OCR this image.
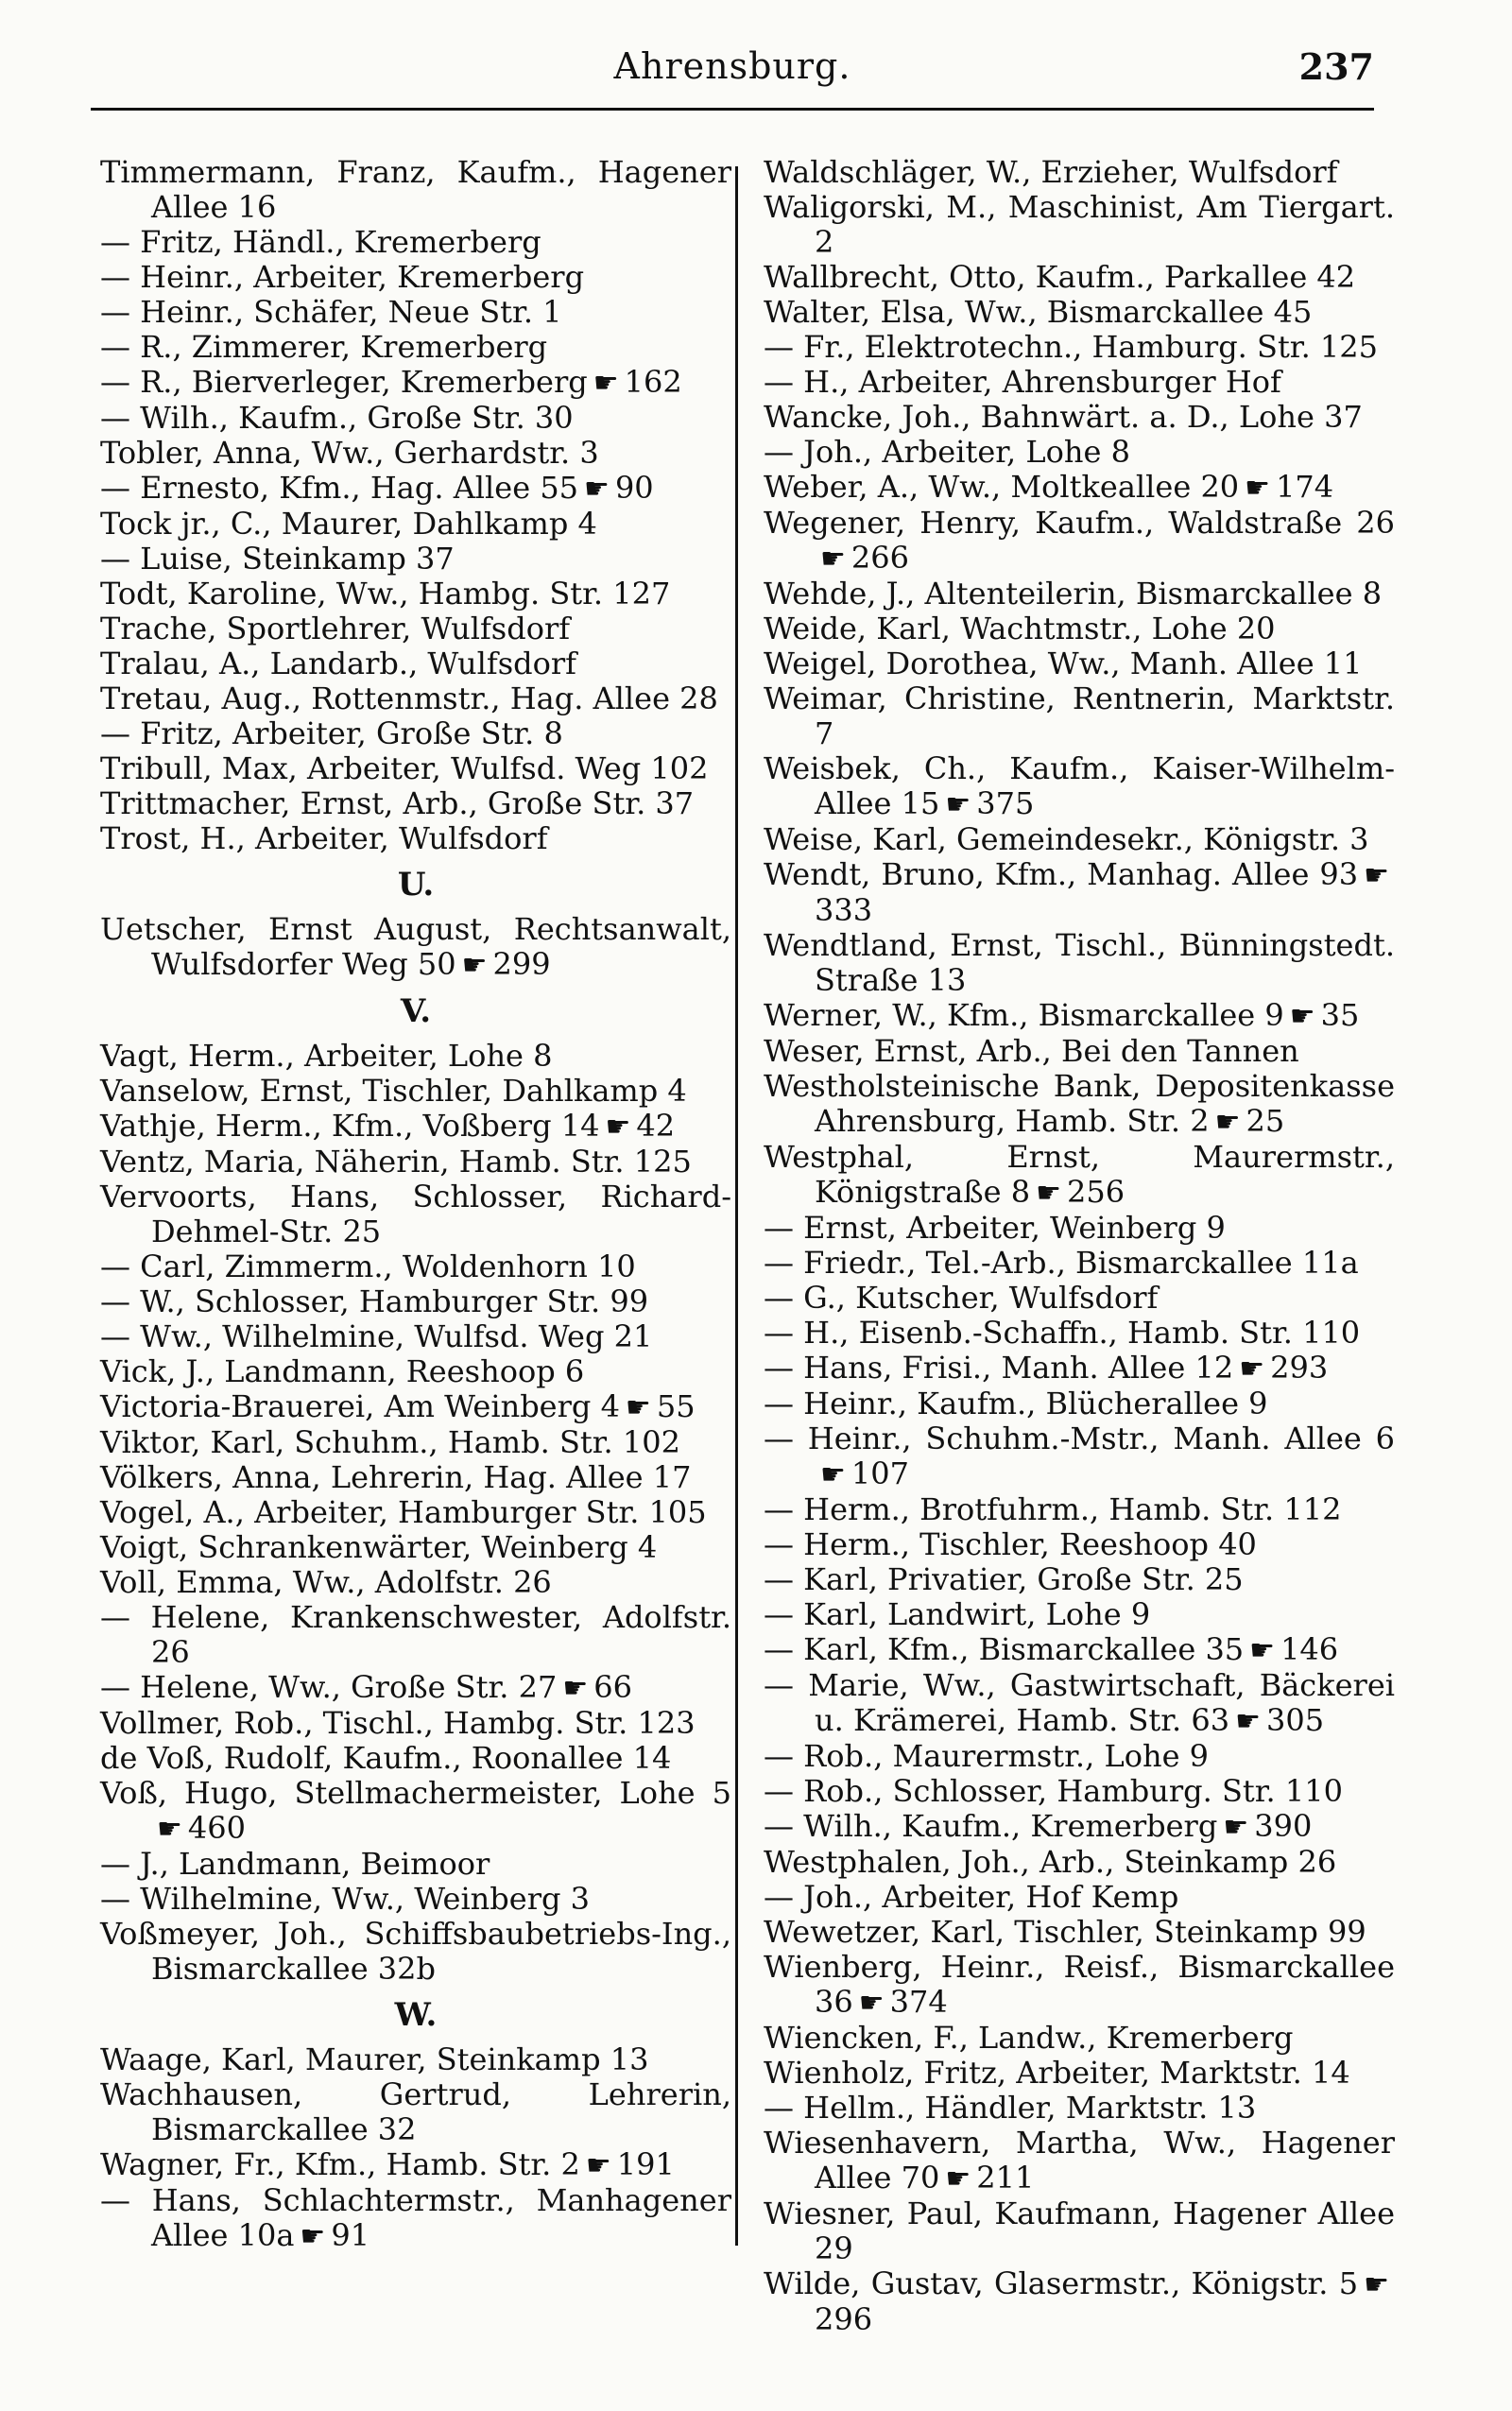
Ahrensburg.	237
Timmermann, Franz, Kaufm., Hagener Allee 16
— Fritz, Händl., Kremerberg
— Heinr., Arbeiter, Kremerberg
— Heinr., Schäfer, Neue Str. 1
— R., Zimmerer, Kremerberg
— R., Bierverleger, Kremerberg ☛ 162
— Wilh., Kaufm., Große Str. 30
Tobler, Anna, Ww., Gerhardstr. 3
— Ernesto, Kfm., Hag. Allee 55 ☛ 90
Tock jr., C., Maurer, Dahlkamp 4
— Luise, Steinkamp 37
Todt, Karoline, Ww., Hambg. Str. 127
Trache, Sportlehrer, Wulfsdorf
Tralau, A., Landarb., Wulfsdorf
Tretau, Aug., Rottenmstr., Hag. Allee 28
— Fritz, Arbeiter, Große Str. 8
Tribull, Max, Arbeiter, Wulfsd. Weg 102
Trittmacher, Ernst, Arb., Große Str. 37
Trost, H., Arbeiter, Wulfsdorf
U.
Uetscher, Ernst August, Rechtsanwalt, Wulfsdorfer Weg 50 ☛ 299
V.
Vagt, Herm., Arbeiter, Lohe 8
Vanselow, Ernst, Tischler, Dahlkamp 4
Vathje, Herm., Kfm., Voßberg 14 ☛ 42
Ventz, Maria, Näherin, Hamb. Str. 125
Vervoorts, Hans, Schlosser, Richard-Dehmel-Str. 25
— Carl, Zimmerm., Woldenhorn 10
— W., Schlosser, Hamburger Str. 99
— Ww., Wilhelmine, Wulfsd. Weg 21
Vick, J., Landmann, Reeshoop 6
Victoria-Brauerei, Am Weinberg 4 ☛ 55
Viktor, Karl, Schuhm., Hamb. Str. 102
Völkers, Anna, Lehrerin, Hag. Allee 17
Vogel, A., Arbeiter, Hamburger Str. 105
Voigt, Schrankenwärter, Weinberg 4
Voll, Emma, Ww., Adolfstr. 26
— Helene, Krankenschwester, Adolfstr. 26
— Helene, Ww., Große Str. 27 ☛ 66
Vollmer, Rob., Tischl., Hambg. Str. 123
de Voß, Rudolf, Kaufm., Roonallee 14
Voß, Hugo, Stellmachermeister, Lohe 5☛ 460
— J., Landmann, Beimoor
— Wilhelmine, Ww., Weinberg 3
Voßmeyer, Joh., Schiffsbaubetriebs-Ing., Bismarckallee 32b
W.
Waage, Karl, Maurer, Steinkamp 13
Wachhausen, Gertrud, Lehrerin, Bismarckallee 32
Wagner, Fr., Kfm., Hamb. Str. 2 ☛ 191
— Hans, Schlachtermstr., Manhagener Allee 10a ☛ 91
Waldschläger, W., Erzieher, Wulfsdorf
Waligorski, M., Maschinist, Am Tiergart. 2
Wallbrecht, Otto, Kaufm., Parkallee 42
Walter, Elsa, Ww., Bismarckallee 45
— Fr., Elektrotechn., Hamburg. Str. 125
— H., Arbeiter, Ahrensburger Hof
Wancke, Joh., Bahnwärt. a. D., Lohe 37
— Joh., Arbeiter, Lohe 8
Weber, A., Ww., Moltkeallee 20 ☛ 174
Wegener, Henry, Kaufm., Waldstraße 26☛ 266
Wehde, J., Altenteilerin, Bismarckallee 8
Weide, Karl, Wachtmstr., Lohe 20
Weigel, Dorothea, Ww., Manh. Allee 11
Weimar, Christine, Rentnerin, Marktstr. 7
Weisbek, Ch., Kaufm., Kaiser-Wilhelm-Allee 15 ☛ 375
Weise, Karl, Gemeindesekr., Königstr. 3
Wendt, Bruno, Kfm., Manhag. Allee 93 ☛333
Wendtland, Ernst, Tischl., Bünningstedt. Straße 13
Werner, W., Kfm., Bismarckallee 9 ☛ 35
Weser, Ernst, Arb., Bei den Tannen
Westholsteinische Bank, Depositenkasse Ahrensburg, Hamb. Str. 2 ☛ 25
Westphal, Ernst, Maurermstr., Königstraße 8 ☛ 256
— Ernst, Arbeiter, Weinberg 9
— Friedr., Tel.-Arb., Bismarckallee 11a
— G., Kutscher, Wulfsdorf
— H., Eisenb.-Schaffn., Hamb. Str. 110
— Hans, Frisi., Manh. Allee 12 ☛ 293
— Heinr., Kaufm., Blücherallee 9
— Heinr., Schuhm.-Mstr., Manh. Allee 6☛ 107
— Herm., Brotfuhrm., Hamb. Str. 112
— Herm., Tischler, Reeshoop 40
— Karl, Privatier, Große Str. 25
— Karl, Landwirt, Lohe 9
— Karl, Kfm., Bismarckallee 35 ☛ 146
— Marie, Ww., Gastwirtschaft, Bäckerei u. Krämerei, Hamb. Str. 63 ☛ 305
— Rob., Maurermstr., Lohe 9
— Rob., Schlosser, Hamburg. Str. 110
— Wilh., Kaufm., Kremerberg ☛ 390
Westphalen, Joh., Arb., Steinkamp 26
— Joh., Arbeiter, Hof Kemp
Wewetzer, Karl, Tischler, Steinkamp 99
Wienberg, Heinr., Reisf., Bismarckallee 36 ☛ 374
Wiencken, F., Landw., Kremerberg
Wienholz, Fritz, Arbeiter, Marktstr. 14
— Hellm., Händler, Marktstr. 13
Wiesenhavern, Martha, Ww., Hagener Allee 70 ☛ 211
Wiesner, Paul, Kaufmann, Hagener Allee 29
Wilde, Gustav, Glasermstr., Königstr. 5 ☛296
